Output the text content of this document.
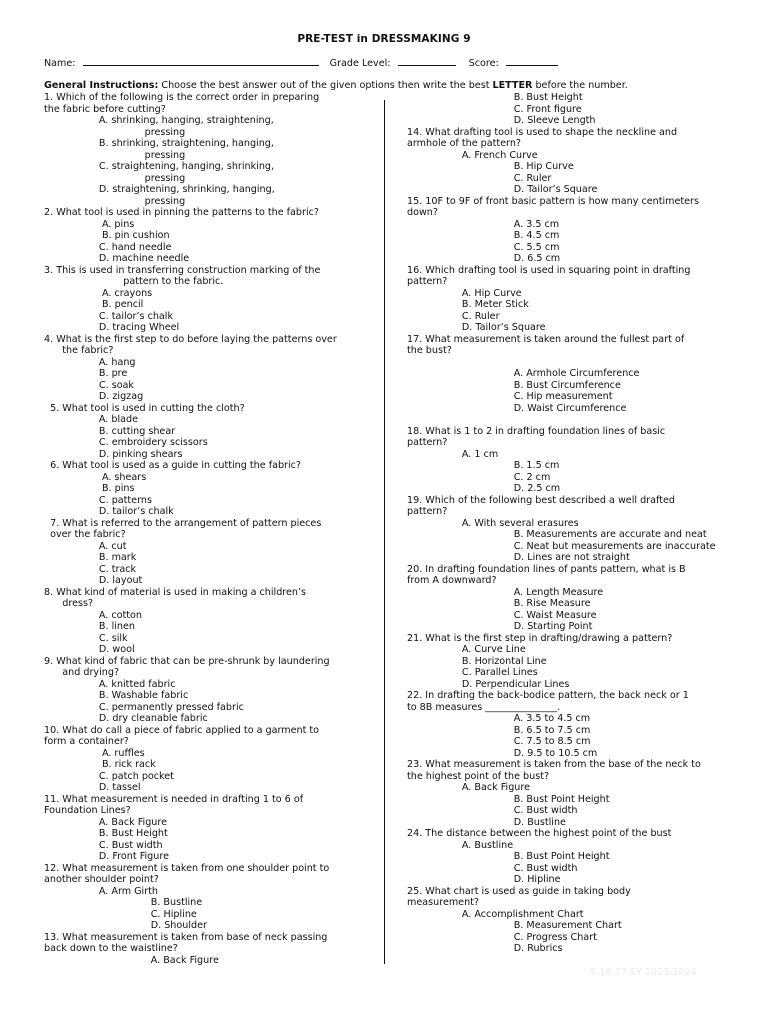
PRE-TEST in DRESSMAKING 9
Name:	Grade Level:	Score:
General Instructions: Choose the best answer out of the given options then write the best LETTER before the number.
1. Which of the following is the correct order in preparing
the fabric before cutting?
A. shrinking, hanging, straightening,
pressing
B. shrinking, straightening, hanging,
pressing
C. straightening, hanging, shrinking,
pressing
D. straightening, shrinking, hanging,
pressing
2. What tool is used in pinning the patterns to the fabric?
A. pins
B. pin cushion
C. hand needle
D. machine needle
3. This is used in transferring construction marking of the
pattern to the fabric.
A. crayons
B. pencil
C. tailor’s chalk
D. tracing Wheel
4. What is the first step to do before laying the patterns over
the fabric?
A. hang
B. pre
C. soak
D. zigzag
5. What tool is used in cutting the cloth?
A. blade
B. cutting shear
C. embroidery scissors
D. pinking shears
6. What tool is used as a guide in cutting the fabric?
A. shears
B. pins
C. patterns
D. tailor’s chalk
7. What is referred to the arrangement of pattern pieces
over the fabric?
A. cut
B. mark
C. track
D. layout
8. What kind of material is used in making a children’s
dress?
A. cotton
B. linen
C. silk
D. wool
9. What kind of fabric that can be pre-shrunk by laundering
and drying?
A. knitted fabric
B. Washable fabric
C. permanently pressed fabric
D. dry cleanable fabric
10. What do call a piece of fabric applied to a garment to
form a container?
A. ruffles
B. rick rack
C. patch pocket
D. tassel
11. What measurement is needed in drafting 1 to 6 of
Foundation Lines?
A. Back Figure
B. Bust Height
C. Bust width
D. Front Figure
12. What measurement is taken from one shoulder point to
another shoulder point?
A. Arm Girth
B. Bustline
C. Hipline
D. Shoulder
13. What measurement is taken from base of neck passing
back down to the waistline?
A. Back Figure
B. Bust Height
C. Front figure
D. Sleeve Length
14. What drafting tool is used to shape the neckline and
armhole of the pattern?
A. French Curve
B. Hip Curve
C. Ruler
D. Tailor’s Square
15. 10F to 9F of front basic pattern is how many centimeters
down?
A. 3.5 cm
B. 4.5 cm
C. 5.5 cm
D. 6.5 cm
16. Which drafting tool is used in squaring point in drafting
pattern?
A. Hip Curve
B. Meter Stick
C. Ruler
D. Tailor’s Square
17. What measurement is taken around the fullest part of
the bust?

A. Armhole Circumference
B. Bust Circumference
C. Hip measurement
D. Waist Circumference

18. What is 1 to 2 in drafting foundation lines of basic
pattern?
A. 1 cm
B. 1.5 cm
C. 2 cm
D. 2.5 cm
19. Which of the following best described a well drafted
pattern?
A. With several erasures
B. Measurements are accurate and neat
C. Neat but measurements are inaccurate
D. Lines are not straight
20. In drafting foundation lines of pants pattern, what is B
from A downward?
A. Length Measure
B. Rise Measure
C. Waist Measure
D. Starting Point
21. What is the first step in drafting/drawing a pattern?
A. Curve Line
B. Horizontal Line
C. Parallel Lines
D. Perpendicular Lines
22. In drafting the back-bodice pattern, the back neck or 1
to 8B measures _______________.
A. 3.5 to 4.5 cm
B. 6.5 to 7.5 cm
C. 7.5 to 8.5 cm
D. 9.5 to 10.5 cm
23. What measurement is taken from the base of the neck to
the highest point of the bust?
A. Back Figure
B. Bust Point Height
C. Bust width
D. Bustline
24. The distance between the highest point of the bust
A. Bustline
B. Bust Point Height
C. Bust width
D. Hipline
25. What chart is used as guide in taking body
measurement?
A. Accomplishment Chart
B. Measurement Chart
C. Progress Chart
D. Rubrics
5-16-17 SY 2023-2024
